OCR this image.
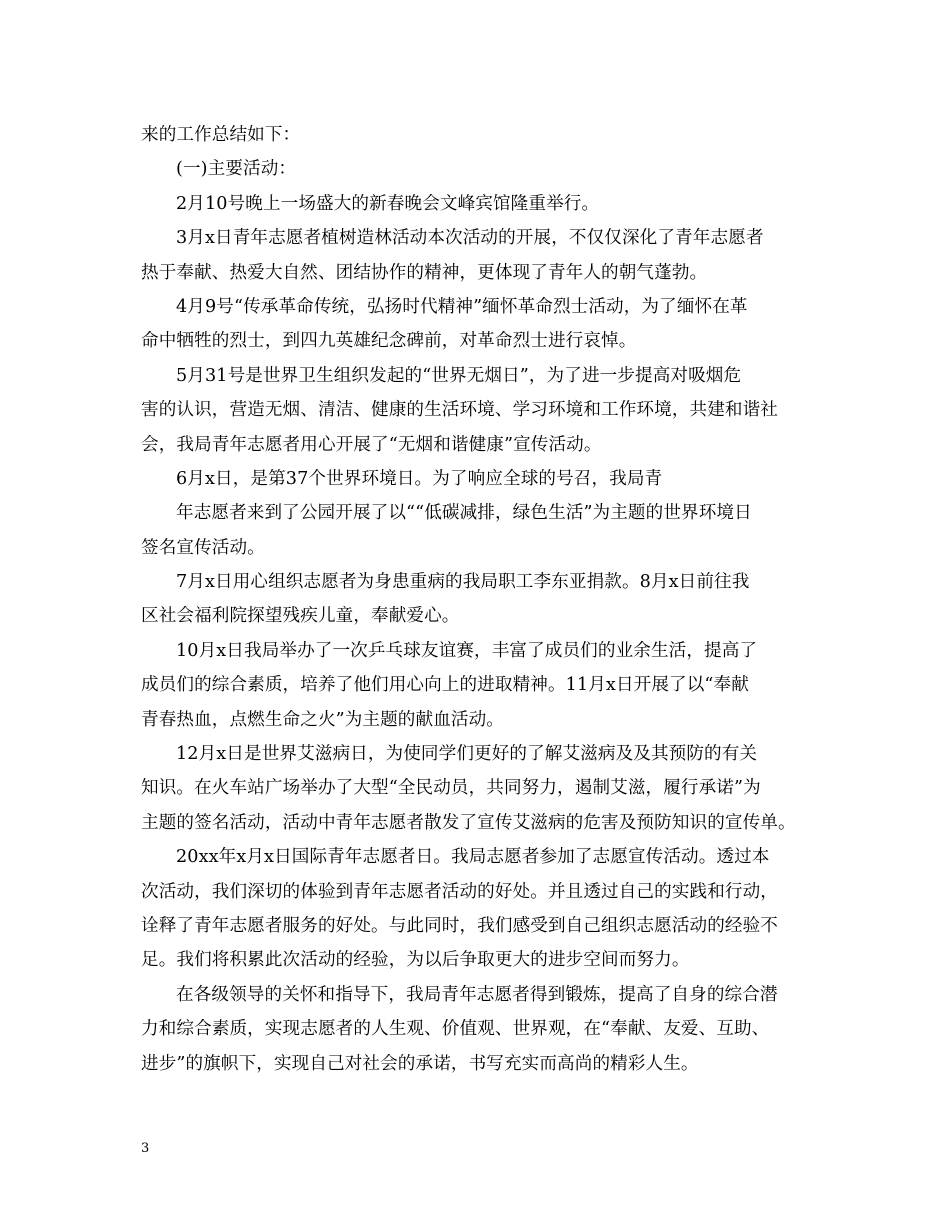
来的工作总结如下：
(一)主要活动：
2月10号晚上一场盛大的新春晚会文峰宾馆隆重举行。
3月x日青年志愿者植树造林活动本次活动的开展，不仅仅深化了青年志愿者
热于奉献、热爱大自然、团结协作的精神，更体现了青年人的朝气蓬勃。
4月9号“传承革命传统，弘扬时代精神”缅怀革命烈士活动，为了缅怀在革
命中牺牲的烈士，到四九英雄纪念碑前，对革命烈士进行哀悼。
5月31号是世界卫生组织发起的“世界无烟日”，为了进一步提高对吸烟危
害的认识，营造无烟、清洁、健康的生活环境、学习环境和工作环境，共建和谐社
会，我局青年志愿者用心开展了“无烟和谐健康”宣传活动。
6月x日，是第37个世界环境日。为了响应全球的号召，我局青
年志愿者来到了公园开展了以““低碳减排，绿色生活”为主题的世界环境日
签名宣传活动。
7月x日用心组织志愿者为身患重病的我局职工李东亚捐款。8月x日前往我
区社会福利院探望残疾儿童，奉献爱心。
10月x日我局举办了一次乒乓球友谊赛，丰富了成员们的业余生活，提高了
成员们的综合素质，培养了他们用心向上的进取精神。11月x日开展了以“奉献
青春热血，点燃生命之火”为主题的献血活动。
12月x日是世界艾滋病日，为使同学们更好的了解艾滋病及及其预防的有关
知识。在火车站广场举办了大型“全民动员，共同努力，遏制艾滋，履行承诺”为
主题的签名活动，活动中青年志愿者散发了宣传艾滋病的危害及预防知识的宣传单。
20xx年x月x日国际青年志愿者日。我局志愿者参加了志愿宣传活动。透过本
次活动，我们深切的体验到青年志愿者活动的好处。并且透过自己的实践和行动，
诠释了青年志愿者服务的好处。与此同时，我们感受到自己组织志愿活动的经验不
足。我们将积累此次活动的经验，为以后争取更大的进步空间而努力。
在各级领导的关怀和指导下，我局青年志愿者得到锻炼，提高了自身的综合潜
力和综合素质，实现志愿者的人生观、价值观、世界观，在“奉献、友爱、互助、
进步”的旗帜下，实现自己对社会的承诺，书写充实而高尚的精彩人生。
3
